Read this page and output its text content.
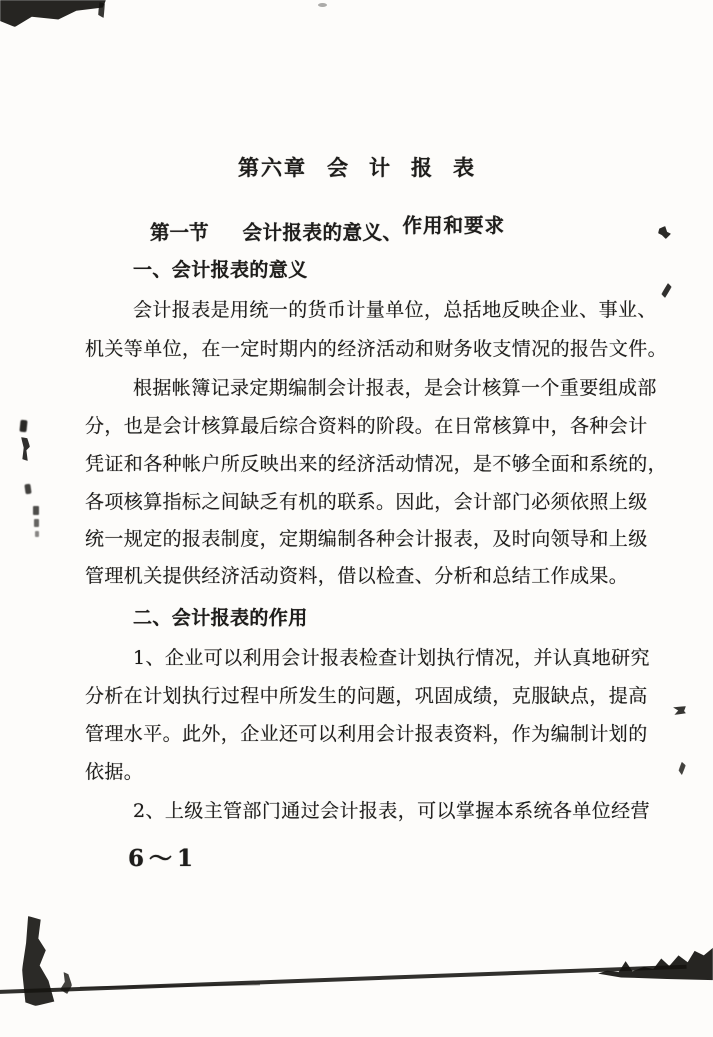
第六章 会　计　报　表
第一节 会计报表的意义、作用和要求
一、会计报表的意义
会计报表是用统一的货币计量单位，总括地反映企业、事业、
机关等单位，在一定时期内的经济活动和财务收支情况的报告文件。
根据帐簿记录定期编制会计报表，是会计核算一个重要组成部
分，也是会计核算最后综合资料的阶段。在日常核算中，各种会计
凭证和各种帐户所反映出来的经济活动情况，是不够全面和系统的，
各项核算指标之间缺乏有机的联系。因此，会计部门必须依照上级
统一规定的报表制度，定期编制各种会计报表，及时向领导和上级
管理机关提供经济活动资料，借以检查、分析和总结工作成果。
二、会计报表的作用
1、企业可以利用会计报表检查计划执行情况，并认真地研究
分析在计划执行过程中所发生的问题，巩固成绩，克服缺点，提高
管理水平。此外，企业还可以利用会计报表资料，作为编制计划的
依据。
2、上级主管部门通过会计报表，可以掌握本系统各单位经营
6～1
